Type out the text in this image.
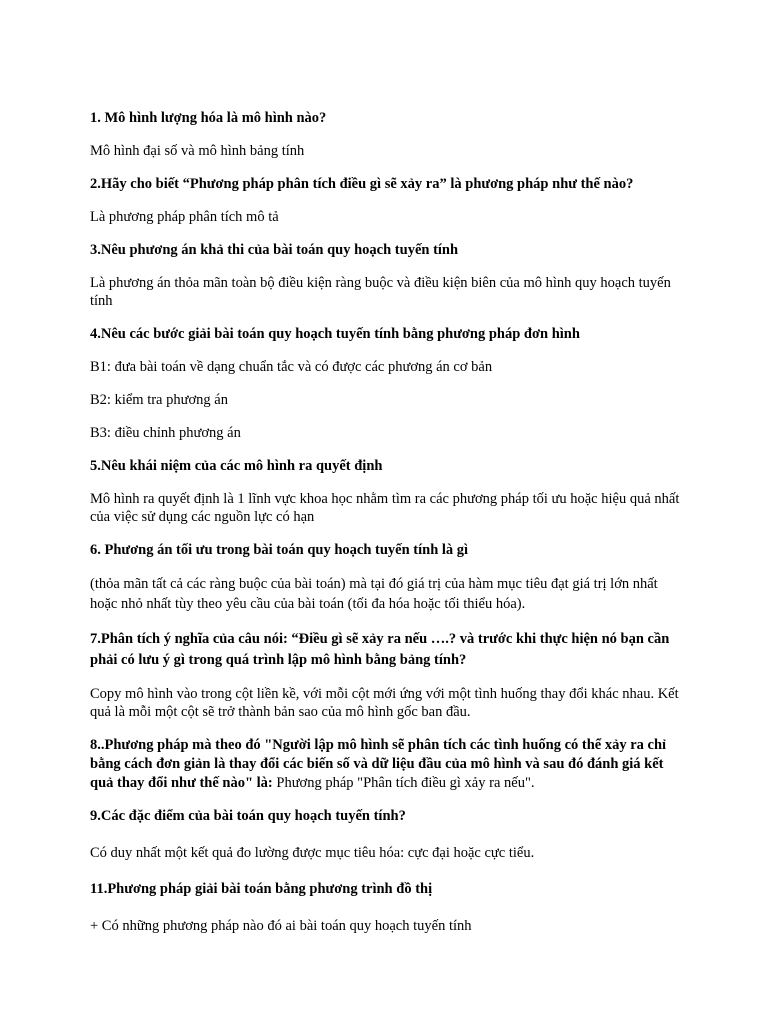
1. Mô hình lượng hóa là mô hình nào?

Mô hình đại số và mô hình bảng tính

2.Hãy cho biết “Phương pháp phân tích điều gì sẽ xảy ra” là phương pháp như thế nào?

Là phương pháp phân tích mô tả

3.Nêu phương án khả thi của bài toán quy hoạch tuyến tính

Là phương án thỏa mãn toàn bộ điều kiện ràng buộc và điều kiện biên của mô hình quy hoạch tuyến tính

4.Nêu các bước giải bài toán quy hoạch tuyến tính bằng phương pháp đơn hình

B1: đưa bài toán về dạng chuẩn tắc và có được các phương án cơ bản

B2: kiểm tra phương án

B3: điều chỉnh phương án

5.Nêu khái niệm của các mô hình ra quyết định

Mô hình ra quyết định là 1 lĩnh vực khoa học nhằm tìm ra các phương pháp tối ưu hoặc hiệu quả nhất của việc sử dụng các nguồn lực có hạn

6. Phương án tối ưu trong bài toán quy hoạch tuyến tính là gì

(thỏa mãn tất cả các ràng buộc của bài toán) mà tại đó giá trị của hàm mục tiêu đạt giá trị lớn nhất hoặc nhỏ nhất tùy theo yêu cầu của bài toán (tối đa hóa hoặc tối thiểu hóa).

7.Phân tích ý nghĩa của câu nói: “Điều gì sẽ xảy ra nếu ….? và trước khi thực hiện nó bạn cần phải có lưu ý gì trong quá trình lập mô hình bằng bảng tính?

Copy mô hình vào trong cột liền kề, với mỗi cột mới ứng với một tình huống thay đổi khác nhau. Kết quả là mỗi một cột sẽ trở thành bản sao của mô hình gốc ban đầu.

8..Phương pháp mà theo đó "Người lập mô hình sẽ phân tích các tình huống có thể xảy ra chỉ bằng cách đơn giản là thay đổi các biến số và dữ liệu đầu của mô hình và sau đó đánh giá kết quả thay đổi như thế nào" là: Phương pháp "Phân tích điều gì xảy ra nếu".

9.Các đặc điểm của bài toán quy hoạch tuyến tính?

Có duy nhất một kết quả đo lường được mục tiêu hóa: cực đại hoặc cực tiểu.

11.Phương pháp giải bài toán bằng phương trình đồ thị

+ Có những phương pháp nào đó ai bài toán quy hoạch tuyến tính
